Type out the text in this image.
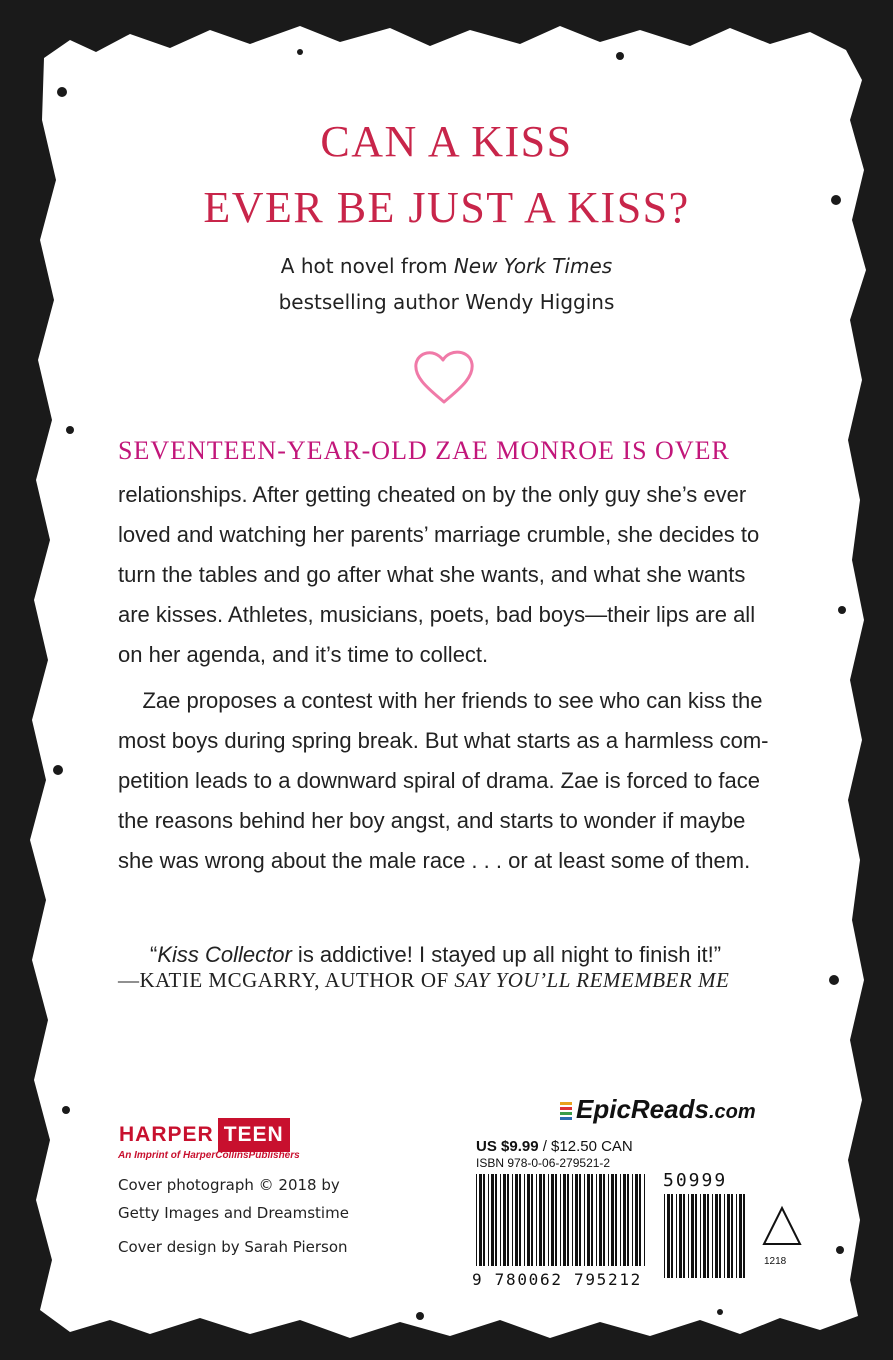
CAN A KISS
EVER BE JUST A KISS?
A hot novel from New York Times
bestselling author Wendy Higgins
SEVENTEEN-YEAR-OLD ZAE MONROE IS OVER
relationships. After getting cheated on by the only guy she’s ever
loved and watching her parents’ marriage crumble, she decides to
turn the tables and go after what she wants, and what she wants
are kisses. Athletes, musicians, poets, bad boys—their lips are all
on her agenda, and it’s time to collect.
Zae proposes a contest with her friends to see who can kiss the
most boys during spring break. But what starts as a harmless com-
petition leads to a downward spiral of drama. Zae is forced to face
the reasons behind her boy angst, and starts to wonder if maybe
she was wrong about the male race . . . or at least some of them.
“Kiss Collector is addictive! I stayed up all night to finish it!”
—KATIE MCGARRY, AUTHOR OF SAY YOU’LL REMEMBER ME
HARPER TEEN
An Imprint of HarperCollinsPublishers
Cover photograph © 2018 by
Getty Images and Dreamstime
Cover design by Sarah Pierson
EpicReads.com
US $9.99 / $12.50 CAN
ISBN 978-0-06-279521-2
9 780062 795212
50999
1218
